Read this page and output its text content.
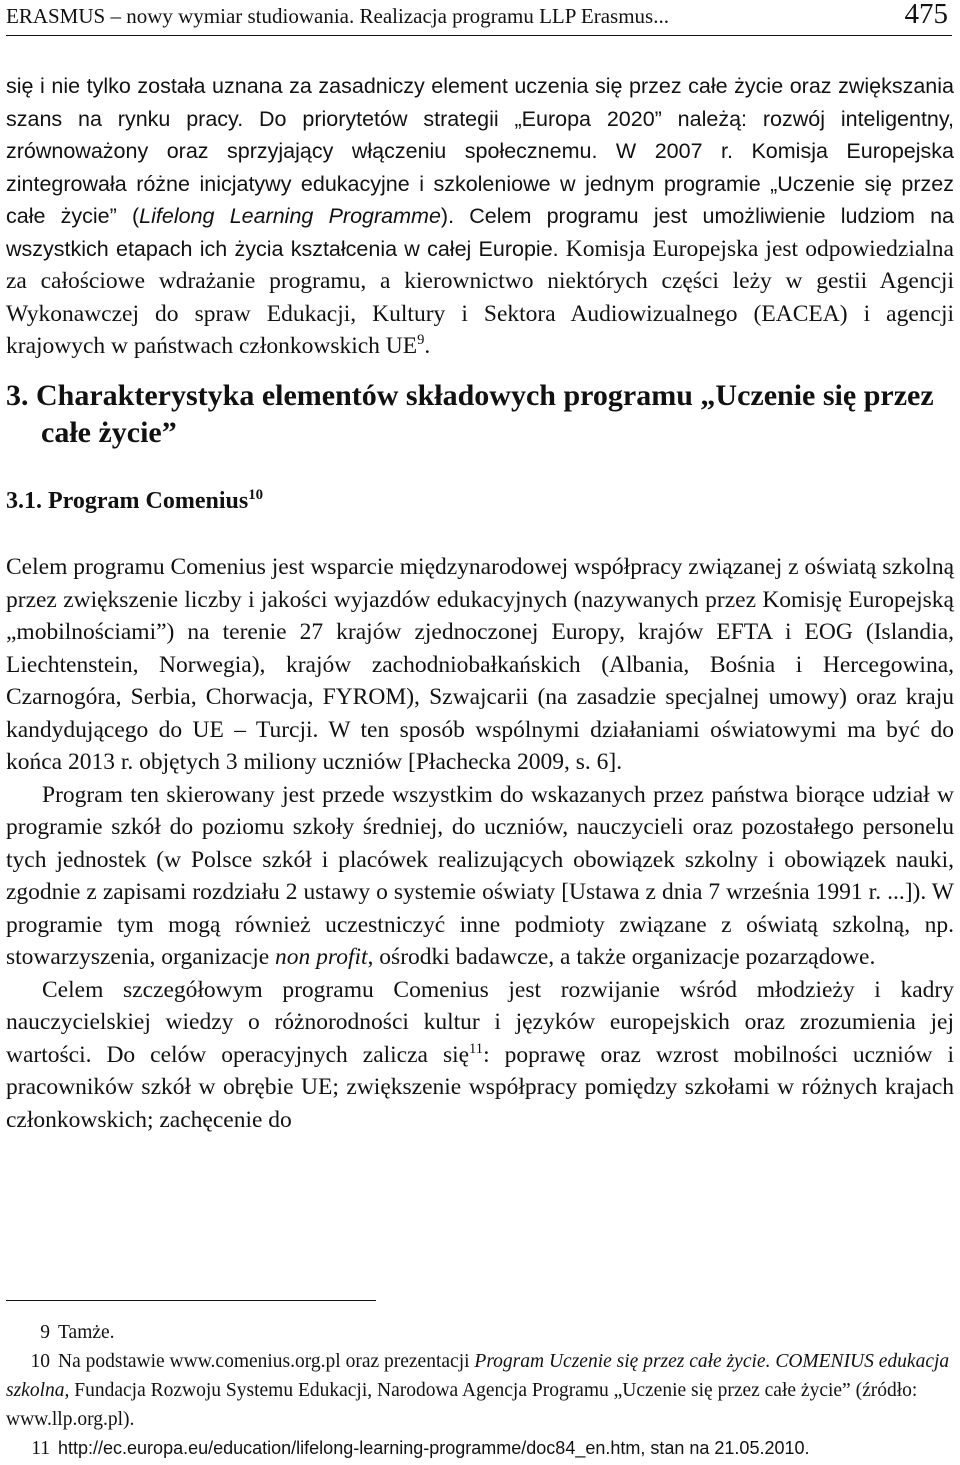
ERASMUS – nowy wymiar studiowania. Realizacja programu LLP Erasmus...	475

się i nie tylko została uznana za zasadniczy element uczenia się przez całe życie oraz zwiększania szans na rynku pracy. Do priorytetów strategii „Europa 2020” należą: rozwój inteligentny, zrównoważony oraz sprzyjający włączeniu społecznemu. W 2007 r. Komisja Europejska zintegrowała różne inicjatywy edukacyjne i szkoleniowe w jednym programie „Uczenie się przez całe życie” (Lifelong Learning Programme). Celem programu jest umożliwienie ludziom na wszystkich etapach ich życia kształcenia w całej Europie. Komisja Europejska jest odpowiedzialna za całościowe wdrażanie programu, a kierownictwo niektórych części leży w gestii Agencji Wykonawczej do spraw Edukacji, Kultury i Sektora Audiowizualnego (EACEA) i agencji krajowych w państwach członkowskich $UE^9$.

3. Charakterystyka elementów składowych programu „Uczenie się przez całe życie”
3.1. Program Comenius$^{10}$

Celem programu Comenius jest wsparcie międzynarodowej współpracy związanej z oświatą szkolną przez zwiększenie liczby i jakości wyjazdów edukacyjnych (nazywanych przez Komisję Europejską „mobilnościami”) na terenie 27 krajów zjednoczonej Europy, krajów EFTA i EOG (Islandia, Liechtenstein, Norwegia), krajów zachodniobałkańskich (Albania, Bośnia i Hercegowina, Czarnogóra, Serbia, Chorwacja, FYROM), Szwajcarii (na zasadzie specjalnej umowy) oraz kraju kandydującego do UE – Turcji. W ten sposób wspólnymi działaniami oświatowymi ma być do końca 2013 r. objętych 3 miliony uczniów [Płachecka 2009, s. 6].

Program ten skierowany jest przede wszystkim do wskazanych przez państwa biorące udział w programie szkół do poziomu szkoły średniej, do uczniów, nauczycieli oraz pozostałego personelu tych jednostek (w Polsce szkół i placówek realizujących obowiązek szkolny i obowiązek nauki, zgodnie z zapisami rozdziału 2 ustawy o systemie oświaty [Ustawa z dnia 7 września 1991 r. ...]). W programie tym mogą również uczestniczyć inne podmioty związane z oświatą szkolną, np. stowarzyszenia, organizacje non profit, ośrodki badawcze, a także organizacje pozarządowe.

Celem szczegółowym programu Comenius jest rozwijanie wśród młodzieży i kadry nauczycielskiej wiedzy o różnorodności kultur i języków europejskich oraz zrozumienia jej wartości. Do celów operacyjnych zalicza się$^{11}$: poprawę oraz wzrost mobilności uczniów i pracowników szkół w obrębie UE; zwiększenie współpracy pomiędzy szkołami w różnych krajach członkowskich; zachęcenie do

9 Tamże.

10 Na podstawie www.comenius.org.pl oraz prezentacji Program Uczenie się przez całe życie. COMENIUS edukacja szkolna, Fundacja Rozwoju Systemu Edukacji, Narodowa Agencja Programu „Uczenie się przez całe życie” (źródło: www.llp.org.pl).

11 http://ec.europa.eu/education/lifelong-learning-programme/doc84_en.htm, stan na 21.05.2010.
